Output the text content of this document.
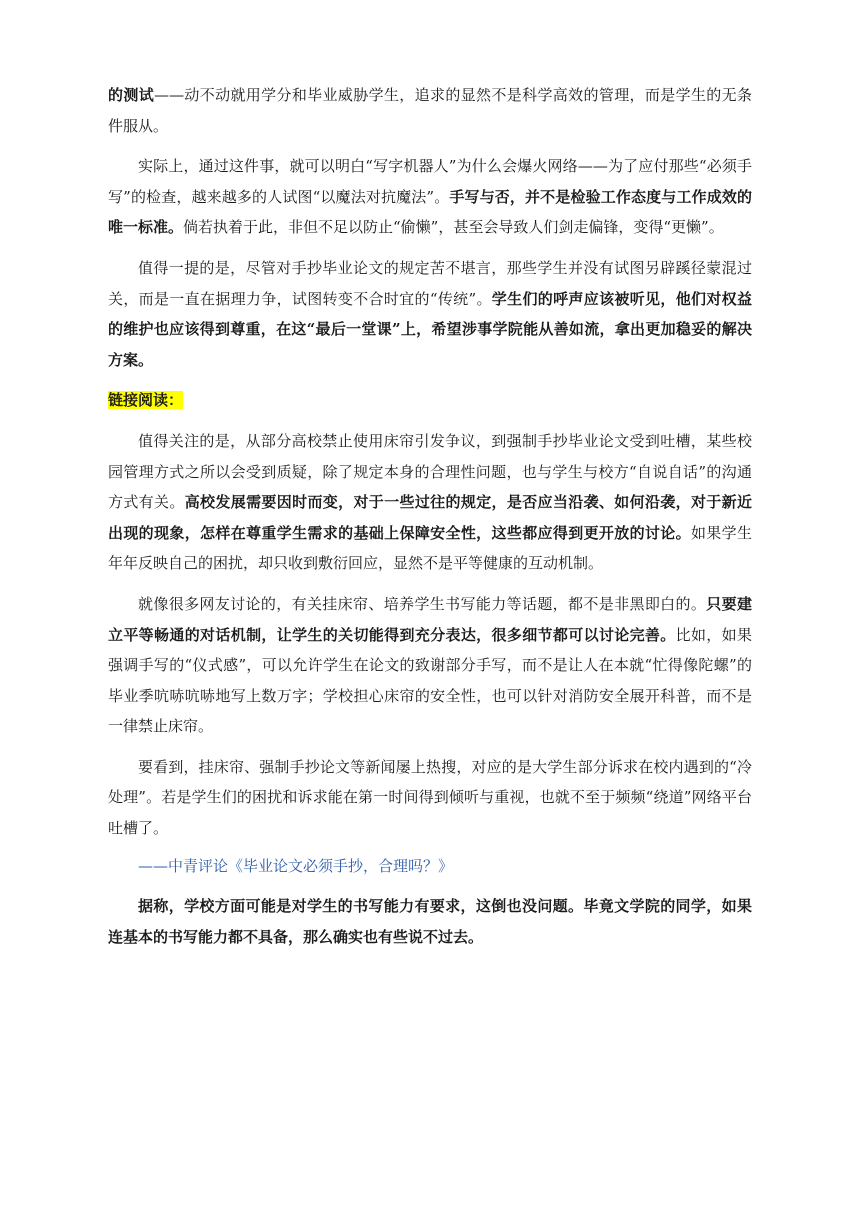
的测试——动不动就用学分和毕业威胁学生，追求的显然不是科学高效的管理，而是学生的无条件服从。

实际上，通过这件事，就可以明白“写字机器人”为什么会爆火网络——为了应付那些“必须手写”的检查，越来越多的人试图“以魔法对抗魔法”。手写与否，并不是检验工作态度与工作成效的唯一标准。倘若执着于此，非但不足以防止“偷懒”，甚至会导致人们剑走偏锋，变得“更懒”。

值得一提的是，尽管对手抄毕业论文的规定苦不堪言，那些学生并没有试图另辟蹊径蒙混过关，而是一直在据理力争，试图转变不合时宜的“传统”。学生们的呼声应该被听见，他们对权益的维护也应该得到尊重，在这“最后一堂课”上，希望涉事学院能从善如流，拿出更加稳妥的解决方案。

链接阅读：

值得关注的是，从部分高校禁止使用床帘引发争议，到强制手抄毕业论文受到吐槽，某些校园管理方式之所以会受到质疑，除了规定本身的合理性问题，也与学生与校方“自说自话”的沟通方式有关。高校发展需要因时而变，对于一些过往的规定，是否应当沿袭、如何沿袭，对于新近出现的现象，怎样在尊重学生需求的基础上保障安全性，这些都应得到更开放的讨论。如果学生年年反映自己的困扰，却只收到敷衍回应，显然不是平等健康的互动机制。

就像很多网友讨论的，有关挂床帘、培养学生书写能力等话题，都不是非黑即白的。只要建立平等畅通的对话机制，让学生的关切能得到充分表达，很多细节都可以讨论完善。比如，如果强调手写的“仪式感”，可以允许学生在论文的致谢部分手写，而不是让人在本就“忙得像陀螺”的毕业季吭哧吭哧地写上数万字；学校担心床帘的安全性，也可以针对消防安全展开科普，而不是一律禁止床帘。

要看到，挂床帘、强制手抄论文等新闻屡上热搜，对应的是大学生部分诉求在校内遇到的“冷处理”。若是学生们的困扰和诉求能在第一时间得到倾听与重视，也就不至于频频“绕道”网络平台吐槽了。

——中青评论《毕业论文必须手抄，合理吗？》

据称，学校方面可能是对学生的书写能力有要求，这倒也没问题。毕竟文学院的同学，如果连基本的书写能力都不具备，那么确实也有些说不过去。
